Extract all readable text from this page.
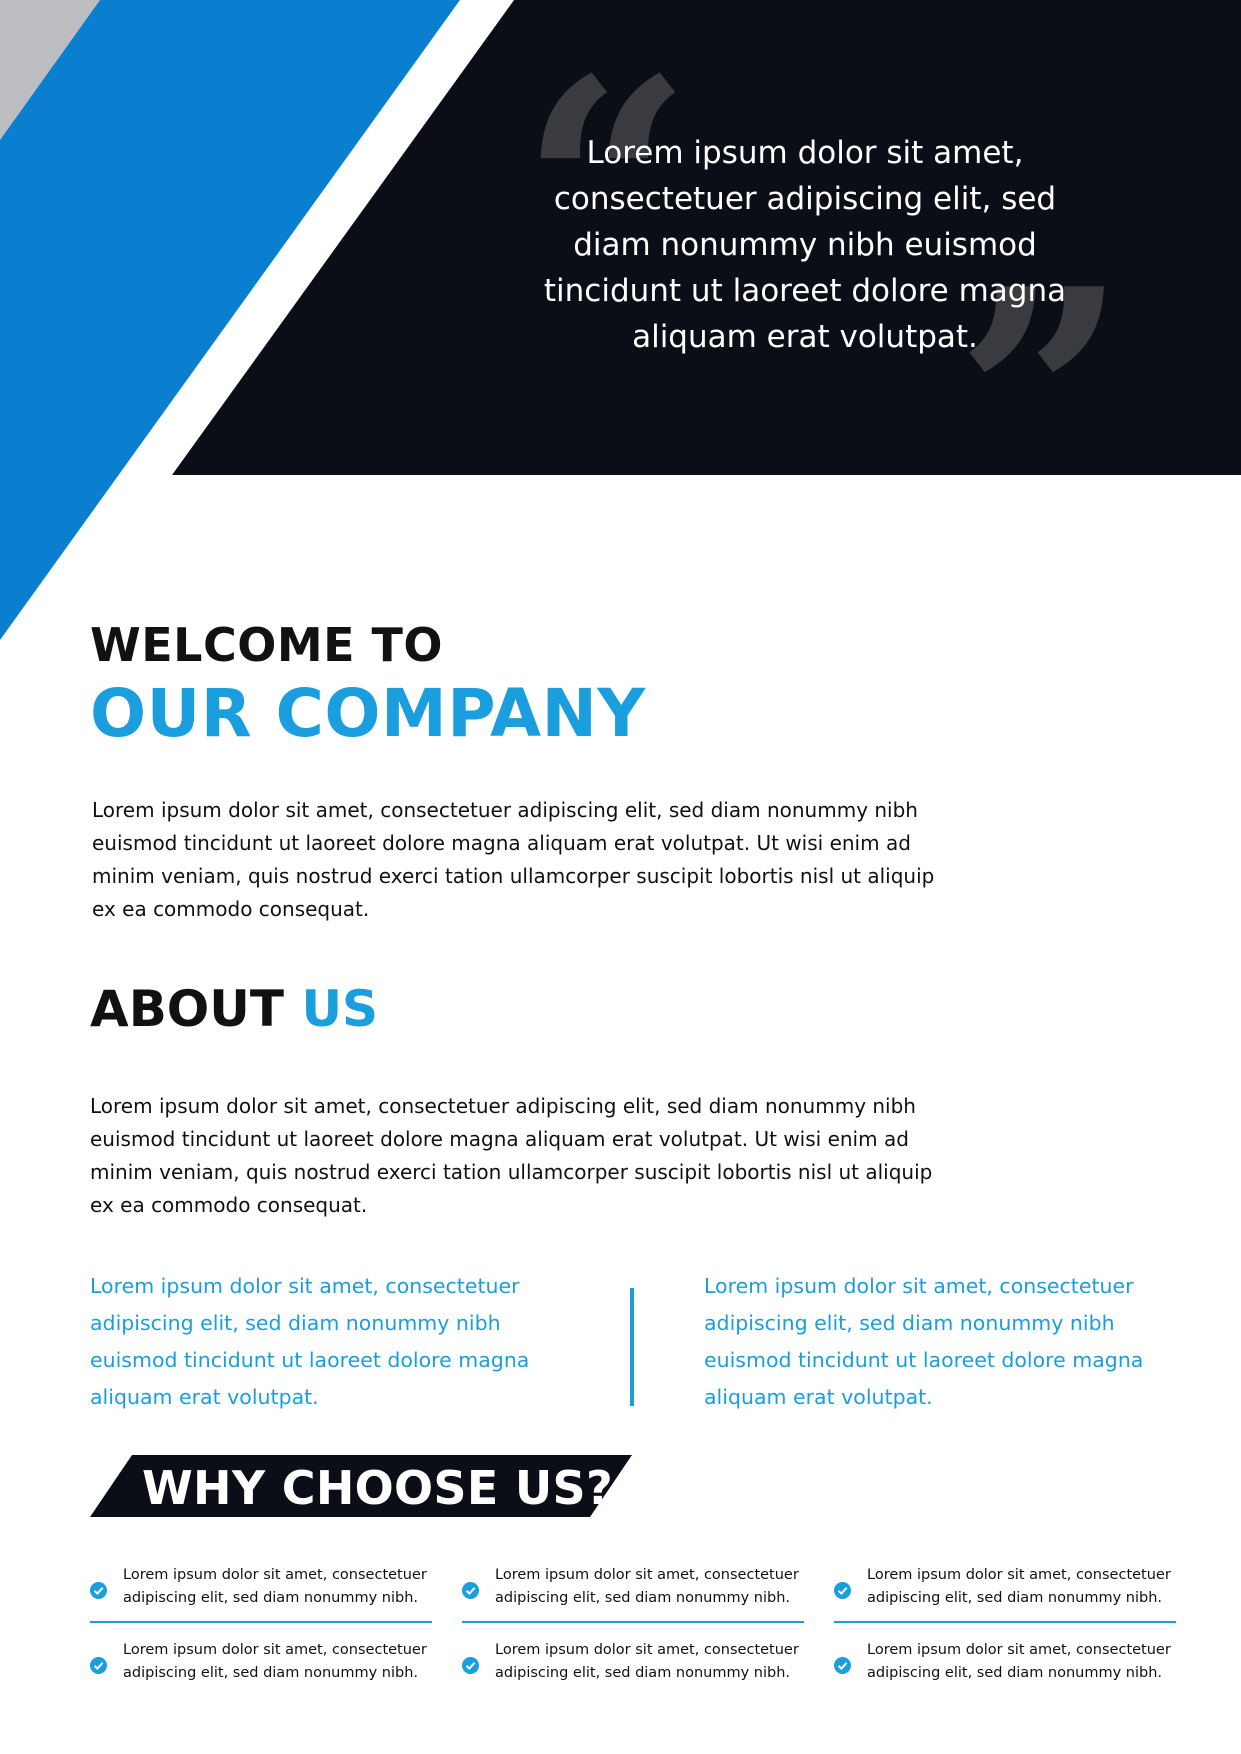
“
”
Lorem ipsum dolor sit amet,
consectetuer adipiscing elit, sed
diam nonummy nibh euismod
tincidunt ut laoreet dolore magna
aliquam erat volutpat.
WELCOME TO
OUR COMPANY

Lorem ipsum dolor sit amet, consectetuer adipiscing elit, sed diam nonummy nibh
euismod tincidunt ut laoreet dolore magna aliquam erat volutpat. Ut wisi enim ad
minim veniam, quis nostrud exerci tation ullamcorper suscipit lobortis nisl ut aliquip
ex ea commodo consequat.

ABOUT US

Lorem ipsum dolor sit amet, consectetuer adipiscing elit, sed diam nonummy nibh
euismod tincidunt ut laoreet dolore magna aliquam erat volutpat. Ut wisi enim ad
minim veniam, quis nostrud exerci tation ullamcorper suscipit lobortis nisl ut aliquip
ex ea commodo consequat.

Lorem ipsum dolor sit amet, consectetuer
adipiscing elit, sed diam nonummy nibh
euismod tincidunt ut laoreet dolore magna
aliquam erat volutpat.

Lorem ipsum dolor sit amet, consectetuer
adipiscing elit, sed diam nonummy nibh
euismod tincidunt ut laoreet dolore magna
aliquam erat volutpat.

WHY CHOOSE US?
Lorem ipsum dolor sit amet, consectetuer
adipiscing elit, sed diam nonummy nibh.
Lorem ipsum dolor sit amet, consectetuer
adipiscing elit, sed diam nonummy nibh.
Lorem ipsum dolor sit amet, consectetuer
adipiscing elit, sed diam nonummy nibh.
Lorem ipsum dolor sit amet, consectetuer
adipiscing elit, sed diam nonummy nibh.
Lorem ipsum dolor sit amet, consectetuer
adipiscing elit, sed diam nonummy nibh.
Lorem ipsum dolor sit amet, consectetuer
adipiscing elit, sed diam nonummy nibh.
